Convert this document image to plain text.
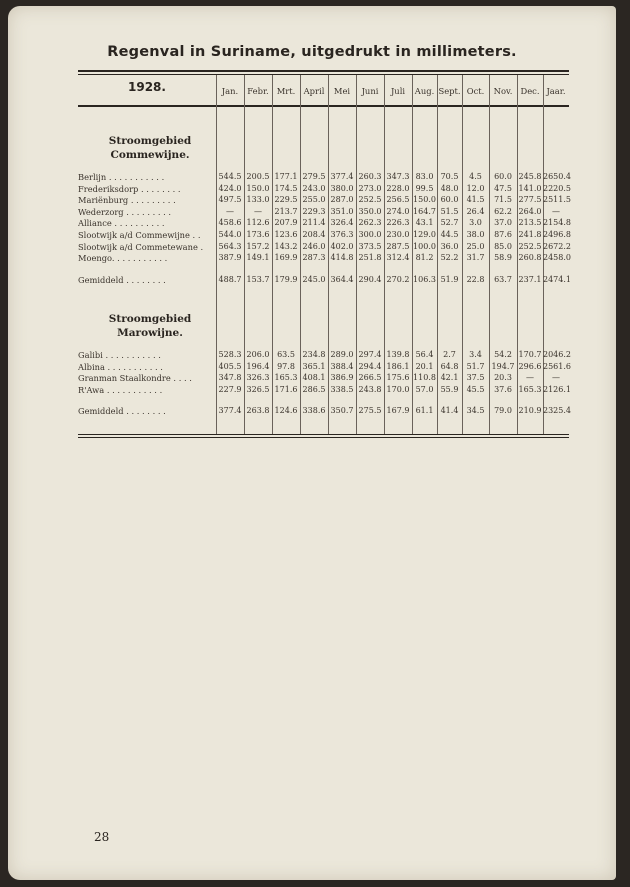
Regenval in Suriname, uitgedrukt in millimeters.
1928.	Jan.	Febr. Mrt. April	Mei	Juni	Juli	Aug. Sept. Oct.	Nov. Dec. Jaar.
Stroomgebied
Commewijne.
Berlijn . . . . . . . . . . .	544.5 200.5 177.1 279.5 377.4 260.3 347.3 83.0 70.5	4.5	60.0 245.8 2650.4
Frederiksdorp . . . . . . . .	424.0 150.0 174.5 243.0 380.0 273.0 228.0 99.5 48.0	12.0	47.5 141.0 2220.5
Mariënburg . . . . . . . . .	497.5 133.0 229.5 255.0 287.0 252.5 256.5 150.0 60.0	41.5	71.5 277.5 2511.5
Wederzorg . . . . . . . . .	—	—	213.7 229.3 351.0 350.0 274.0 164.7 51.5	26.4	62.2 264.0	—
Alliance . . . . . . . . . .	458.6 112.6 207.9 211.4 326.4 262.3 226.3 43.1 52.7	3.0	37.0 213.5 2154.8
Slootwijk a/d Commewijne . .	544.0 173.6 123.6 208.4 376.3 300.0 230.0 129.0 44.5	38.0	87.6 241.8 2496.8
Slootwijk a/d Commetewane .	564.3 157.2 143.2 246.0 402.0 373.5 287.5 100.0 36.0	25.0	85.0 252.5 2672.2
Moengo. . . . . . . . . . .	387.9 149.1 169.9 287.3 414.8 251.8 312.4 81.2 52.2	31.7	58.9 260.8 2458.0
Gemiddeld . . . . . . . .	488.7 153.7 179.9 245.0 364.4 290.4 270.2 106.3 51.9	22.8	63.7 237.1 2474.1
Stroomgebied
Marowijne.
Galibi . . . . . . . . . . .	528.3 206.0 63.5 234.8 289.0 297.4 139.8 56.4	2.7	3.4	54.2 170.7 2046.2
Albina . . . . . . . . . . .	405.5 196.4 97.8 365.1 388.4 294.4 186.1 20.1 64.8	51.7 194.7 296.6 2561.6
Granman Staalkondre . . . .	347.8 326.3 165.3 408.1 386.9 266.5 175.6 110.8 42.1	37.5	20.3	—	—
R'Awa . . . . . . . . . . .	227.9 326.5 171.6 286.5 338.5 243.8 170.0 57.0 55.9	45.5	37.6 165.3 2126.1
Gemiddeld . . . . . . . .	377.4 263.8 124.6 338.6 350.7 275.5 167.9 61.1 41.4	34.5	79.0 210.9 2325.4
28
